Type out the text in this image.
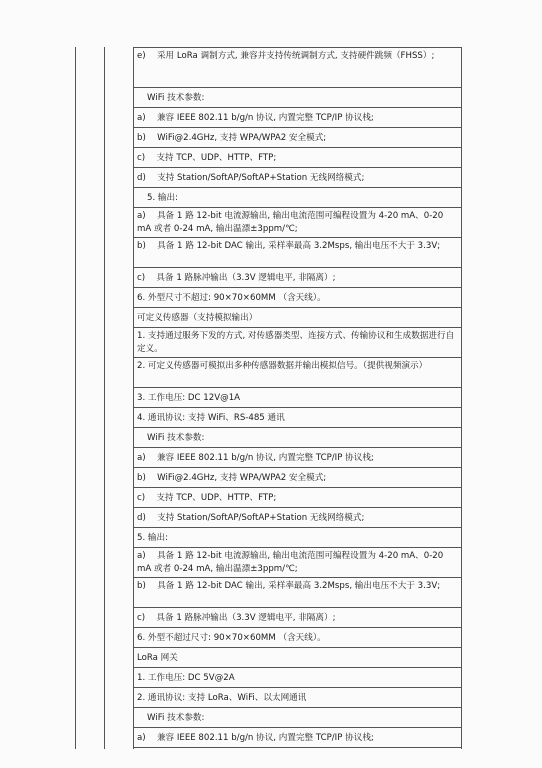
e)　 采用 LoRa 调制方式, 兼容并支持传统调制方式, 支持硬件跳频（FHSS）;
WiFi 技术参数:
a)　 兼容 IEEE 802.11 b/g/n 协议, 内置完整 TCP/IP 协议栈;
b)　 WiFi@2.4GHz, 支持 WPA/WPA2 安全模式;
c)　 支持 TCP、UDP、HTTP、FTP;
d)　 支持 Station/SoftAP/SoftAP+Station 无线网络模式;
5. 输出:
a)　 具备 1 路 12-bit 电流源输出, 输出电流范围可编程设置为 4-20 mA、0-20 mA 或者 0-24 mA, 输出温漂±3ppm/℃;
b)　 具备 1 路 12-bit DAC 输出, 采样率最高 3.2Msps, 输出电压不大于 3.3V;
c)　 具备 1 路脉冲输出（3.3V 逻辑电平, 非隔离）;
6. 外型尺寸不超过: 90×70×60MM （含天线）。
可定义传感器（支持模拟输出）
1. 支持通过服务下发的方式, 对传感器类型、连接方式、传输协议和生成数据进行自定义。
2. 可定义传感器可模拟出多种传感器数据并输出模拟信号。（提供视频演示）
3. 工作电压: DC 12V@1A
4. 通讯协议: 支持 WiFi、RS-485 通讯
WiFi 技术参数:
a)　 兼容 IEEE 802.11 b/g/n 协议, 内置完整 TCP/IP 协议栈;
b)　 WiFi@2.4GHz, 支持 WPA/WPA2 安全模式;
c)　 支持 TCP、UDP、HTTP、FTP;
d)　 支持 Station/SoftAP/SoftAP+Station 无线网络模式;
5. 输出:
a)　 具备 1 路 12-bit 电流源输出, 输出电流范围可编程设置为 4-20 mA、0-20 mA 或者 0-24 mA, 输出温漂±3ppm/℃;
b)　 具备 1 路 12-bit DAC 输出, 采样率最高 3.2Msps, 输出电压不大于 3.3V;
c)　 具备 1 路脉冲输出（3.3V 逻辑电平, 非隔离）;
6. 外型不超过尺寸: 90×70×60MM （含天线）。
LoRa 网关
1. 工作电压: DC 5V@2A
2. 通讯协议: 支持 LoRa、WiFi、以太网通讯
WiFi 技术参数:
a)　 兼容 IEEE 802.11 b/g/n 协议, 内置完整 TCP/IP 协议栈;
